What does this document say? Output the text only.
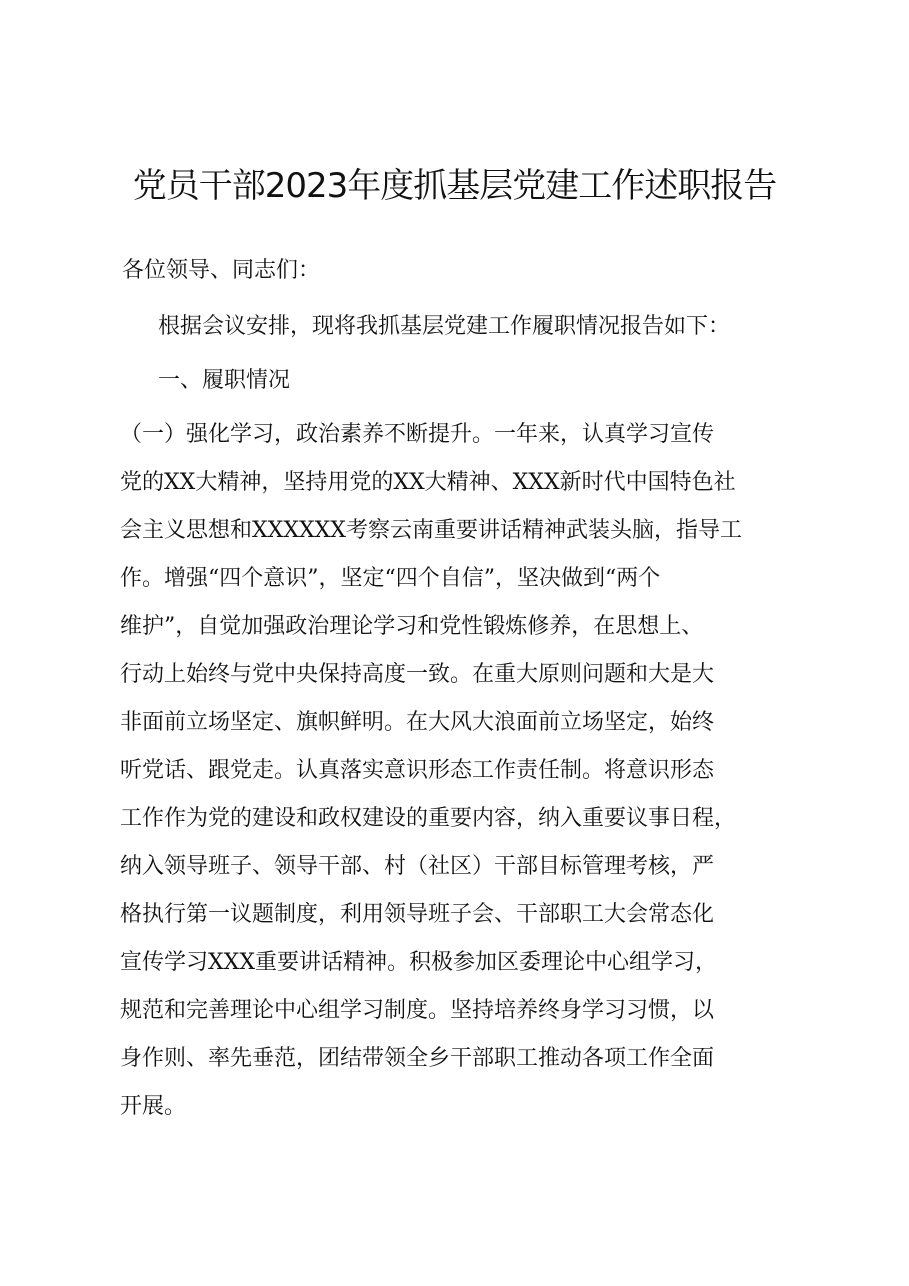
党员干部2023年度抓基层党建工作述职报告

各位领导、同志们：

根据会议安排，现将我抓基层党建工作履职情况报告如下：

一、履职情况

（一）强化学习，政治素养不断提升。一年来，认真学习宣传

党的XX大精神，坚持用党的XX大精神、XXX新时代中国特色社

会主义思想和XXXXXX考察云南重要讲话精神武装头脑，指导工

作。增强“四个意识”，坚定“四个自信”，坚决做到“两个

维护”，自觉加强政治理论学习和党性锻炼修养，在思想上、

行动上始终与党中央保持高度一致。在重大原则问题和大是大

非面前立场坚定、旗帜鲜明。在大风大浪面前立场坚定，始终

听党话、跟党走。认真落实意识形态工作责任制。将意识形态

工作作为党的建设和政权建设的重要内容，纳入重要议事日程，

纳入领导班子、领导干部、村（社区）干部目标管理考核，严

格执行第一议题制度，利用领导班子会、干部职工大会常态化

宣传学习XXX重要讲话精神。积极参加区委理论中心组学习，

规范和完善理论中心组学习制度。坚持培养终身学习习惯，以

身作则、率先垂范，团结带领全乡干部职工推动各项工作全面

开展。
